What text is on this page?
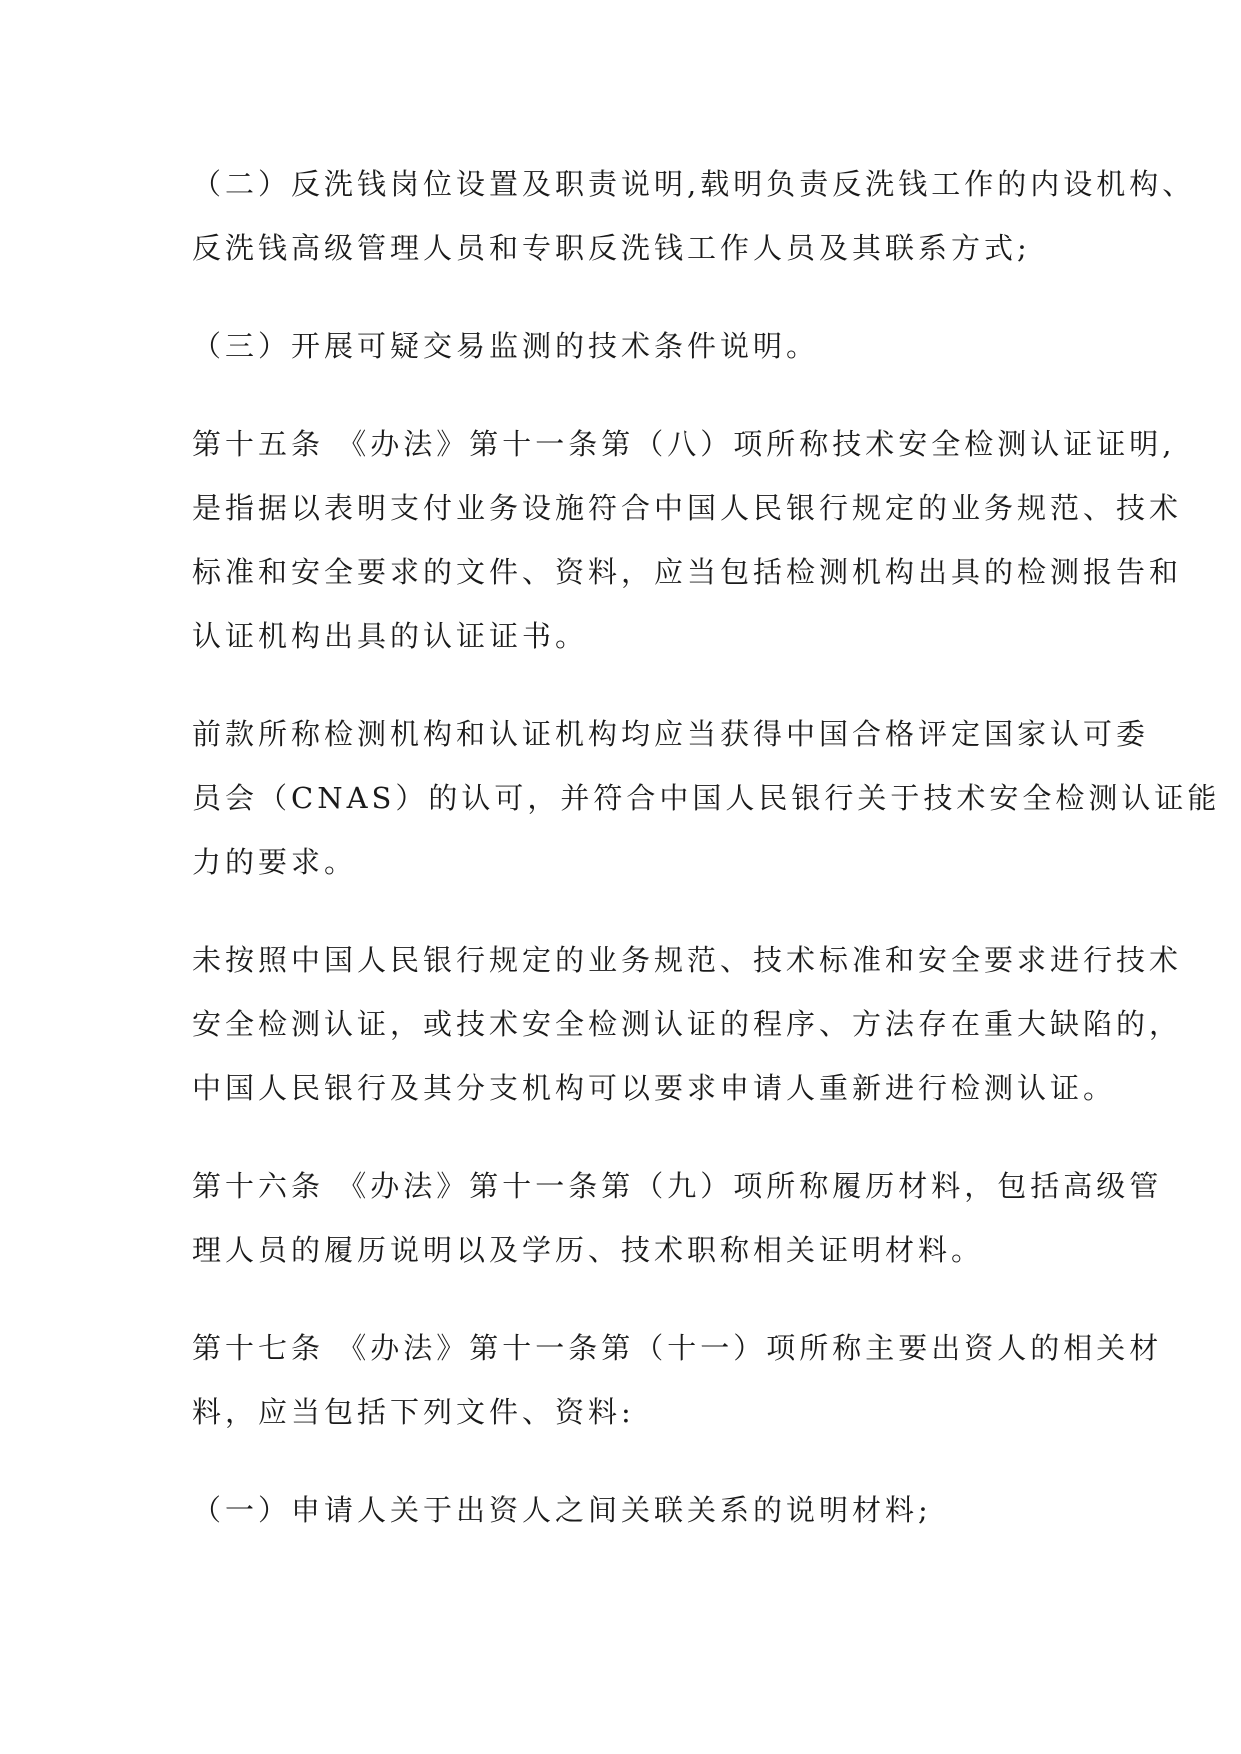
（二）反洗钱岗位设置及职责说明,载明负责反洗钱工作的内设机构、
反洗钱高级管理人员和专职反洗钱工作人员及其联系方式;
（三）开展可疑交易监测的技术条件说明。
第十五条 《办法》第十一条第（八）项所称技术安全检测认证证明,
是指据以表明支付业务设施符合中国人民银行规定的业务规范、技术
标准和安全要求的文件、资料，应当包括检测机构出具的检测报告和
认证机构出具的认证证书。
前款所称检测机构和认证机构均应当获得中国合格评定国家认可委
员会（CNAS）的认可，并符合中国人民银行关于技术安全检测认证能
力的要求。
未按照中国人民银行规定的业务规范、技术标准和安全要求进行技术
安全检测认证，或技术安全检测认证的程序、方法存在重大缺陷的，
中国人民银行及其分支机构可以要求申请人重新进行检测认证。
第十六条 《办法》第十一条第（九）项所称履历材料，包括高级管
理人员的履历说明以及学历、技术职称相关证明材料。
第十七条 《办法》第十一条第（十一）项所称主要出资人的相关材
料，应当包括下列文件、资料:
（一）申请人关于出资人之间关联关系的说明材料;
